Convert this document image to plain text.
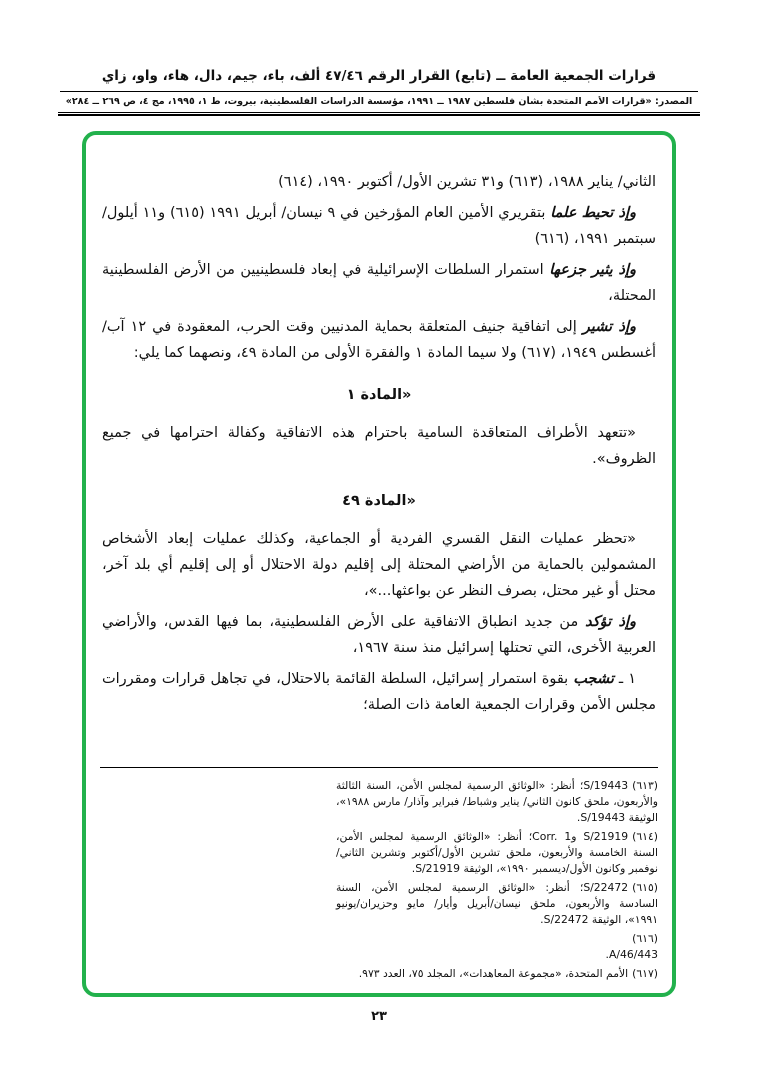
قرارات الجمعية العامة ــ (تابع) القرار الرقم ٤٧/٤٦ ألف، باء، جيم، دال، هاء، واو، زاي
المصدر: «قرارات الأمم المتحدة بشأن فلسطين ١٩٨٧ ــ ١٩٩١، مؤسسة الدراسات الفلسطينية، بيروت، ط ١، ١٩٩٥، مج ٤، ص ٢٦٩ ــ ٢٨٤»

الثاني/ يناير ١٩٨٨، (٦١٣) و٣١ تشرين الأول/ أكتوبر ١٩٩٠، (٦١٤)

وإذ تحيط علما بتقريري الأمين العام المؤرخين في ٩ نيسان/ أبريل ١٩٩١ (٦١٥) و١١ أيلول/ سبتمبر ١٩٩١، (٦١٦)

وإذ يثير جزعها استمرار السلطات الإسرائيلية في إبعاد فلسطينيين من الأرض الفلسطينية المحتلة،

وإذ تشير إلى اتفاقية جنيف المتعلقة بحماية المدنيين وقت الحرب، المعقودة في ١٢ آب/ أغسطس ١٩٤٩، (٦١٧) ولا سيما المادة ١ والفقرة الأولى من المادة ٤٩، ونصهما كما يلي:

«المادة ١

«تتعهد الأطراف المتعاقدة السامية باحترام هذه الاتفاقية وكفالة احترامها في جميع الظروف».

«المادة ٤٩

«تحظر عمليات النقل القسري الفردية أو الجماعية، وكذلك عمليات إبعاد الأشخاص المشمولين بالحماية من الأراضي المحتلة إلى إقليم دولة الاحتلال أو إلى إقليم أي بلد آخر، محتل أو غير محتل، بصرف النظر عن بواعثها...»،

وإذ تؤكد من جديد انطباق الاتفاقية على الأرض الفلسطينية، بما فيها القدس، والأراضي العربية الأخرى، التي تحتلها إسرائيل منذ سنة ١٩٦٧،

١ ـ تشجب بقوة استمرار إسرائيل، السلطة القائمة بالاحتلال، في تجاهل قرارات ومقررات مجلس الأمن وقرارات الجمعية العامة ذات الصلة؛

(٦١٣)S/19443؛ أنظر: «الوثائق الرسمية لمجلس الأمن، السنة الثالثة والأربعون، ملحق كانون الثاني/ يناير وشباط/ فبراير وآذار/ مارس ١٩٨٨»، الوثيقة S/19443.
(٦١٤)S/21919 وCorr. 1؛ أنظر: «الوثائق الرسمية لمجلس الأمن، السنة الخامسة والأربعون، ملحق تشرين الأول/أكتوبر وتشرين الثاني/ نوفمبر وكانون الأول/ديسمبر ١٩٩٠»، الوثيقة S/21919.
(٦١٥)S/22472؛ أنظر: «الوثائق الرسمية لمجلس الأمن، السنة السادسة والأربعون، ملحق نيسان/أبريل وأيار/ مايو وحزيران/يونيو ١٩٩١»، الوثيقة S/22472.
(٦١٦)
A/46/443.
(٦١٧)الأمم المتحدة، «مجموعة المعاهدات»، المجلد ٧٥، العدد ٩٧٣.
٢٣
